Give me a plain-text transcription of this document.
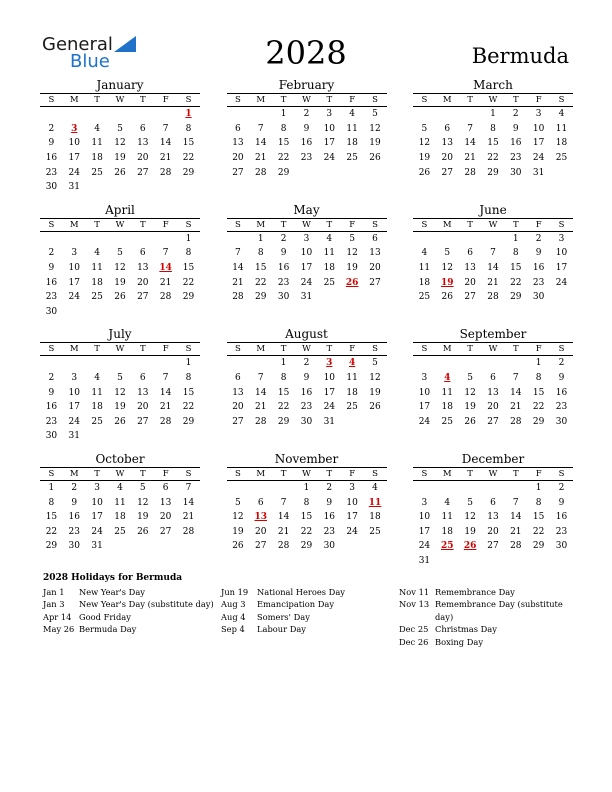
General
Blue	2028	Bermuda
January
S	M	T	W	T	F	S
						1
2	3	4	5	6	7	8
9	10	11	12	13	14	15
16	17	18	19	20	21	22
23	24	25	26	27	28	29
30	31					
February
S	M	T	W	T	F	S
		1	2	3	4	5
6	7	8	9	10	11	12
13	14	15	16	17	18	19
20	21	22	23	24	25	26
27	28	29				
March
S	M	T	W	T	F	S
			1	2	3	4
5	6	7	8	9	10	11
12	13	14	15	16	17	18
19	20	21	22	23	24	25
26	27	28	29	30	31	
April
S	M	T	W	T	F	S
						1
2	3	4	5	6	7	8
9	10	11	12	13	14	15
16	17	18	19	20	21	22
23	24	25	26	27	28	29
30						
May
S	M	T	W	T	F	S
	1	2	3	4	5	6
7	8	9	10	11	12	13
14	15	16	17	18	19	20
21	22	23	24	25	26	27
28	29	30	31			
June
S	M	T	W	T	F	S
				1	2	3
4	5	6	7	8	9	10
11	12	13	14	15	16	17
18	19	20	21	22	23	24
25	26	27	28	29	30	
July
S	M	T	W	T	F	S
						1
2	3	4	5	6	7	8
9	10	11	12	13	14	15
16	17	18	19	20	21	22
23	24	25	26	27	28	29
30	31					
August
S	M	T	W	T	F	S
		1	2	3	4	5
6	7	8	9	10	11	12
13	14	15	16	17	18	19
20	21	22	23	24	25	26
27	28	29	30	31		
September
S	M	T	W	T	F	S
					1	2
3	4	5	6	7	8	9
10	11	12	13	14	15	16
17	18	19	20	21	22	23
24	25	26	27	28	29	30
October
S	M	T	W	T	F	S
1	2	3	4	5	6	7
8	9	10	11	12	13	14
15	16	17	18	19	20	21
22	23	24	25	26	27	28
29	30	31				
November
S	M	T	W	T	F	S
			1	2	3	4
5	6	7	8	9	10	11
12	13	14	15	16	17	18
19	20	21	22	23	24	25
26	27	28	29	30		
December
S	M	T	W	T	F	S
					1	2
3	4	5	6	7	8	9
10	11	12	13	14	15	16
17	18	19	20	21	22	23
24	25	26	27	28	29	30
31						
2028 Holidays for Bermuda
Jan 1	New Year's Day
Jan 3	New Year's Day (substitute day)
Apr 14 Good Friday
May 26 Bermuda Day
Jun 19	National Heroes Day
Aug 3	Emancipation Day
Aug 4	Somers' Day
Sep 4	Labour Day
Nov 11 Remembrance Day
Nov 13 Remembrance Day (substitute day)
Dec 25 Christmas Day
Dec 26 Boxing Day
